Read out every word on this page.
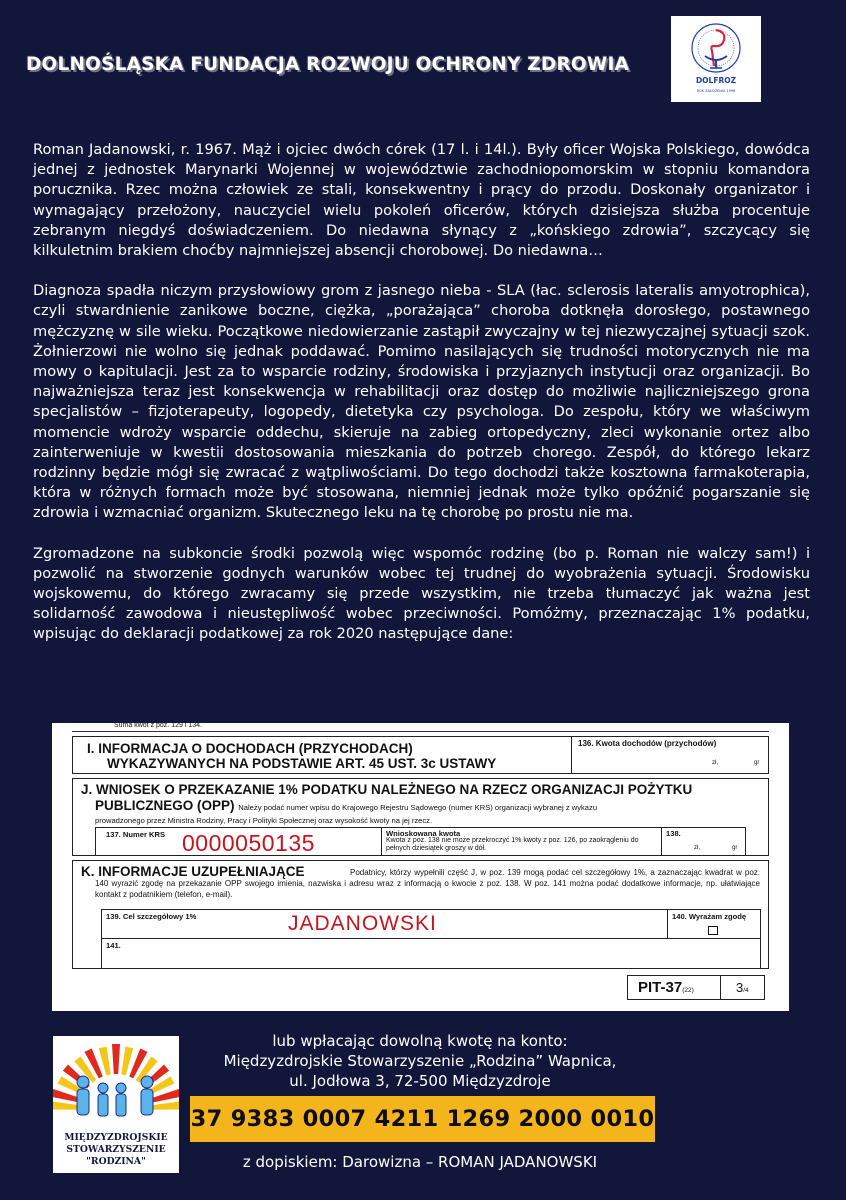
DOLNOŚLĄSKA FUNDACJA ROZWOJU OCHRONY ZDROWIA
DOLFROZ
ROK ZAŁOŻENIA 1996

Roman Jadanowski, r. 1967. Mąż i ojciec dwóch córek (17 l. i 14l.). Były oficer Wojska Polskiego, dowódca jednej z jednostek Marynarki Wojennej w województwie zachodniopomorskim w stopniu komandora porucznika. Rzec można człowiek ze stali, konsekwentny i prący do przodu. Doskonały organizator i wymagający przełożony, nauczyciel wielu pokoleń oficerów, których dzisiejsza służba procentuje zebranym niegdyś doświadczeniem. Do niedawna słynący z „końskiego zdrowia”, szczycący się kilkuletnim brakiem choćby najmniejszej absencji chorobowej. Do niedawna…

Diagnoza spadła niczym przysłowiowy grom z jasnego nieba - SLA (łac. sclerosis lateralis amyotrophica), czyli stwardnienie zanikowe boczne, ciężka, „porażająca” choroba dotknęła dorosłego, postawnego mężczyznę w sile wieku. Początkowe niedowierzanie zastąpił zwyczajny w tej niezwyczajnej sytuacji szok. Żołnierzowi nie wolno się jednak poddawać. Pomimo nasilających się trudności motorycznych nie ma mowy o kapitulacji. Jest za to wsparcie rodziny, środowiska i przyjaznych instytucji oraz organizacji. Bo najważniejsza teraz jest konsekwencja w rehabilitacji oraz dostęp do możliwie najliczniejszego grona specjalistów – fizjoterapeuty, logopedy, dietetyka czy psychologa. Do zespołu, który we właściwym momencie wdroży wsparcie oddechu, skieruje na zabieg ortopedyczny, zleci wykonanie ortez albo zainterweniuje w kwestii dostosowania mieszkania do potrzeb chorego. Zespół, do którego lekarz rodzinny będzie mógł się zwracać z wątpliwościami. Do tego dochodzi także kosztowna farmakoterapia, która w różnych formach może być stosowana, niemniej jednak może tylko opóźnić pogarszanie się zdrowia i wzmacniać organizm. Skutecznego leku na tę chorobę po prostu nie ma.

Zgromadzone na subkoncie środki pozwolą więc wspomóc rodzinę (bo p. Roman nie walczy sam!) i pozwolić na stworzenie godnych warunków wobec tej trudnej do wyobrażenia sytuacji. Środowisku wojskowemu, do którego zwracamy się przede wszystkim, nie trzeba tłumaczyć jak ważna jest solidarność zawodowa i nieustępliwość wobec przeciwności. Pomóżmy, przeznaczając 1% podatku, wpisując do deklaracji podatkowej za rok 2020 następujące dane:

Suma kwot z poz. 129 i 134.
I. INFORMACJA O DOCHODACH (PRZYCHODACH)
WYKAZYWANYCH NA PODSTAWIE ART. 45 UST. 3c USTAWY
136. Kwota dochodów (przychodów)
zł,	gr
J. WNIOSEK O PRZEKAZANIE 1% PODATKU NALEŻNEGO NA RZECZ ORGANIZACJI POŻYTKU
PUBLICZNEGO (OPP) Należy podać numer wpisu do Krajowego Rejestru Sądowego (numer KRS) organizacji wybranej z wykazu
prowadzonego przez Ministra Rodziny, Pracy i Polityki Społecznej oraz wysokość kwoty na jej rzecz.
137. Numer KRS 0000050135	Wnioskowana kwota
Kwota z poz. 138 nie może przekroczyć 1% kwoty z poz. 126, po zaokrągleniu do pełnych dziesiątek groszy w dół.
138.
zł,	gr
K. INFORMACJE UZUPEŁNIAJĄCE	Podatnicy, którzy wypełnili część J, w poz. 139 mogą podać cel szczegółowy 1%, a zaznaczając kwadrat w poz. 140 wyrazić zgodę na przekazanie OPP swojego imienia, nazwiska i adresu wraz z informacją o kwocie z poz. 138. W poz. 141 można podać dodatkowe informacje, np. ułatwiające kontakt z podatnikiem (telefon, e-mail).
139. Cel szczegółowy 1%	JADANOWSKI	140. Wyrażam zgodę
141.
PIT-37(22)	3/4
MIĘDZYZDROJSKIE
STOWARZYSZENIE
"RODZINA"
lub wpłacając dowolną kwotę na konto:
Międzyzdrojskie Stowarzyszenie „Rodzina” Wapnica,
ul. Jodłowa 3, 72-500 Międzyzdroje
37 9383 0007 4211 1269 2000 0010
z dopiskiem: Darowizna – ROMAN JADANOWSKI
